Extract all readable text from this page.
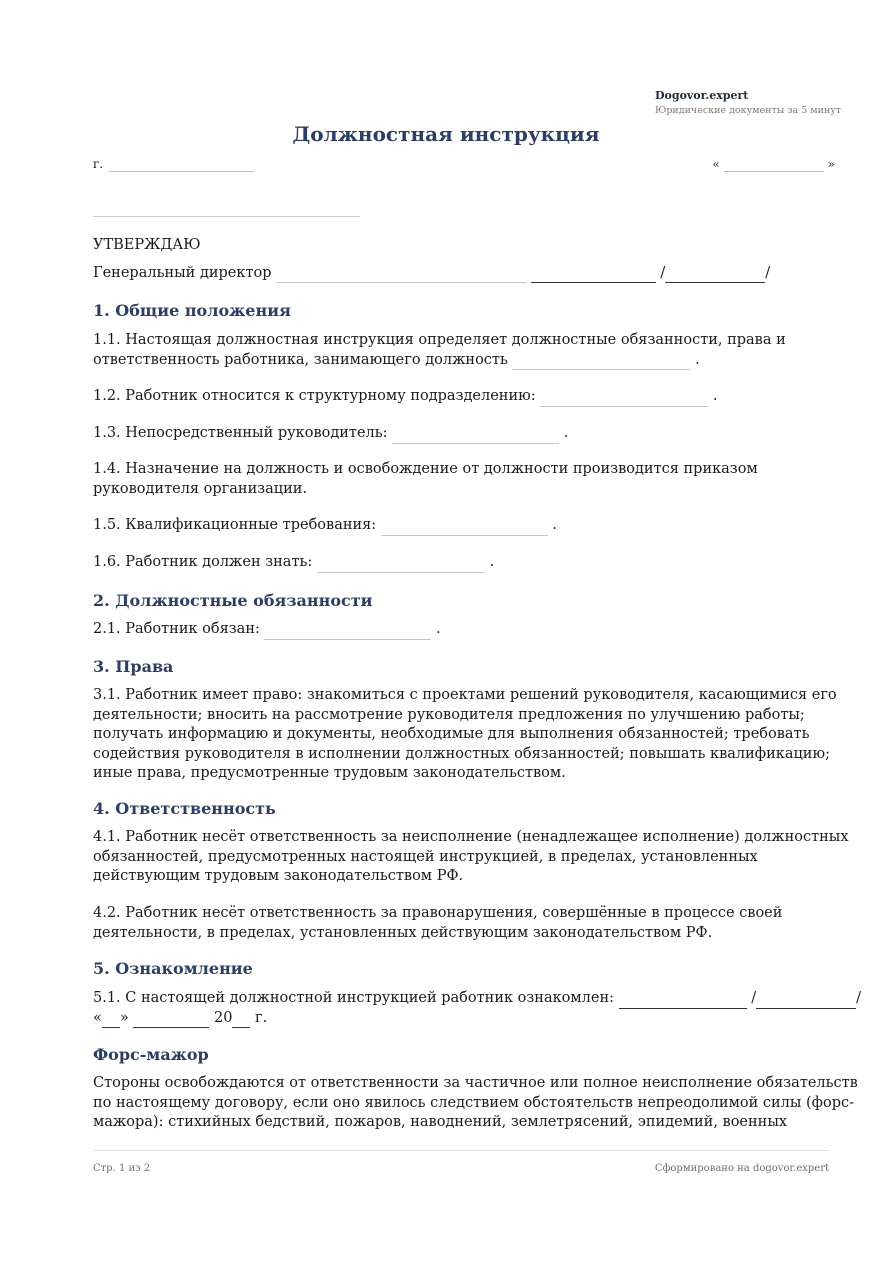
Dogovor.expert
Юридические документы за 5 минут
Должностная инструкция
г.	«	»

УТВЕРЖДАЮ

Генеральный директор	/	/

1. Общие положения

1.1. Настоящая должностная инструкция определяет должностные обязанности, права и ответственность работника, занимающего должность	.

1.2. Работник относится к структурному подразделению:	.

1.3. Непосредственный руководитель:	.

1.4. Назначение на должность и освобождение от должности производится приказом руководителя организации.

1.5. Квалификационные требования:	.

1.6. Работник должен знать:	.

2. Должностные обязанности

2.1. Работник обязан:	.

3. Права

3.1. Работник имеет право: знакомиться с проектами решений руководителя, касающимися его деятельности; вносить на рассмотрение руководителя предложения по улучшению работы; получать информацию и документы, необходимые для выполнения обязанностей; требовать содействия руководителя в исполнении должностных обязанностей; повышать квалификацию; иные права, предусмотренные трудовым законодательством.

4. Ответственность

4.1. Работник несёт ответственность за неисполнение (ненадлежащее исполнение) должностных обязанностей, предусмотренных настоящей инструкцией, в пределах, установленных действующим трудовым законодательством РФ.

4.2. Работник несёт ответственность за правонарушения, совершённые в процессе своей деятельности, в пределах, установленных действующим законодательством РФ.

5. Ознакомление

5.1. С настоящей должностной инструкцией работник ознакомлен:	/	/

« »	20 г.

Форс-мажор

Стороны освобождаются от ответственности за частичное или полное неисполнение обязательств по настоящему договору, если оно явилось следствием обстоятельств непреодолимой силы (форс-мажора): стихийных бедствий, пожаров, наводнений, землетрясений, эпидемий, военных

Стр. 1 из 2	Сформировано на dogovor.expert
